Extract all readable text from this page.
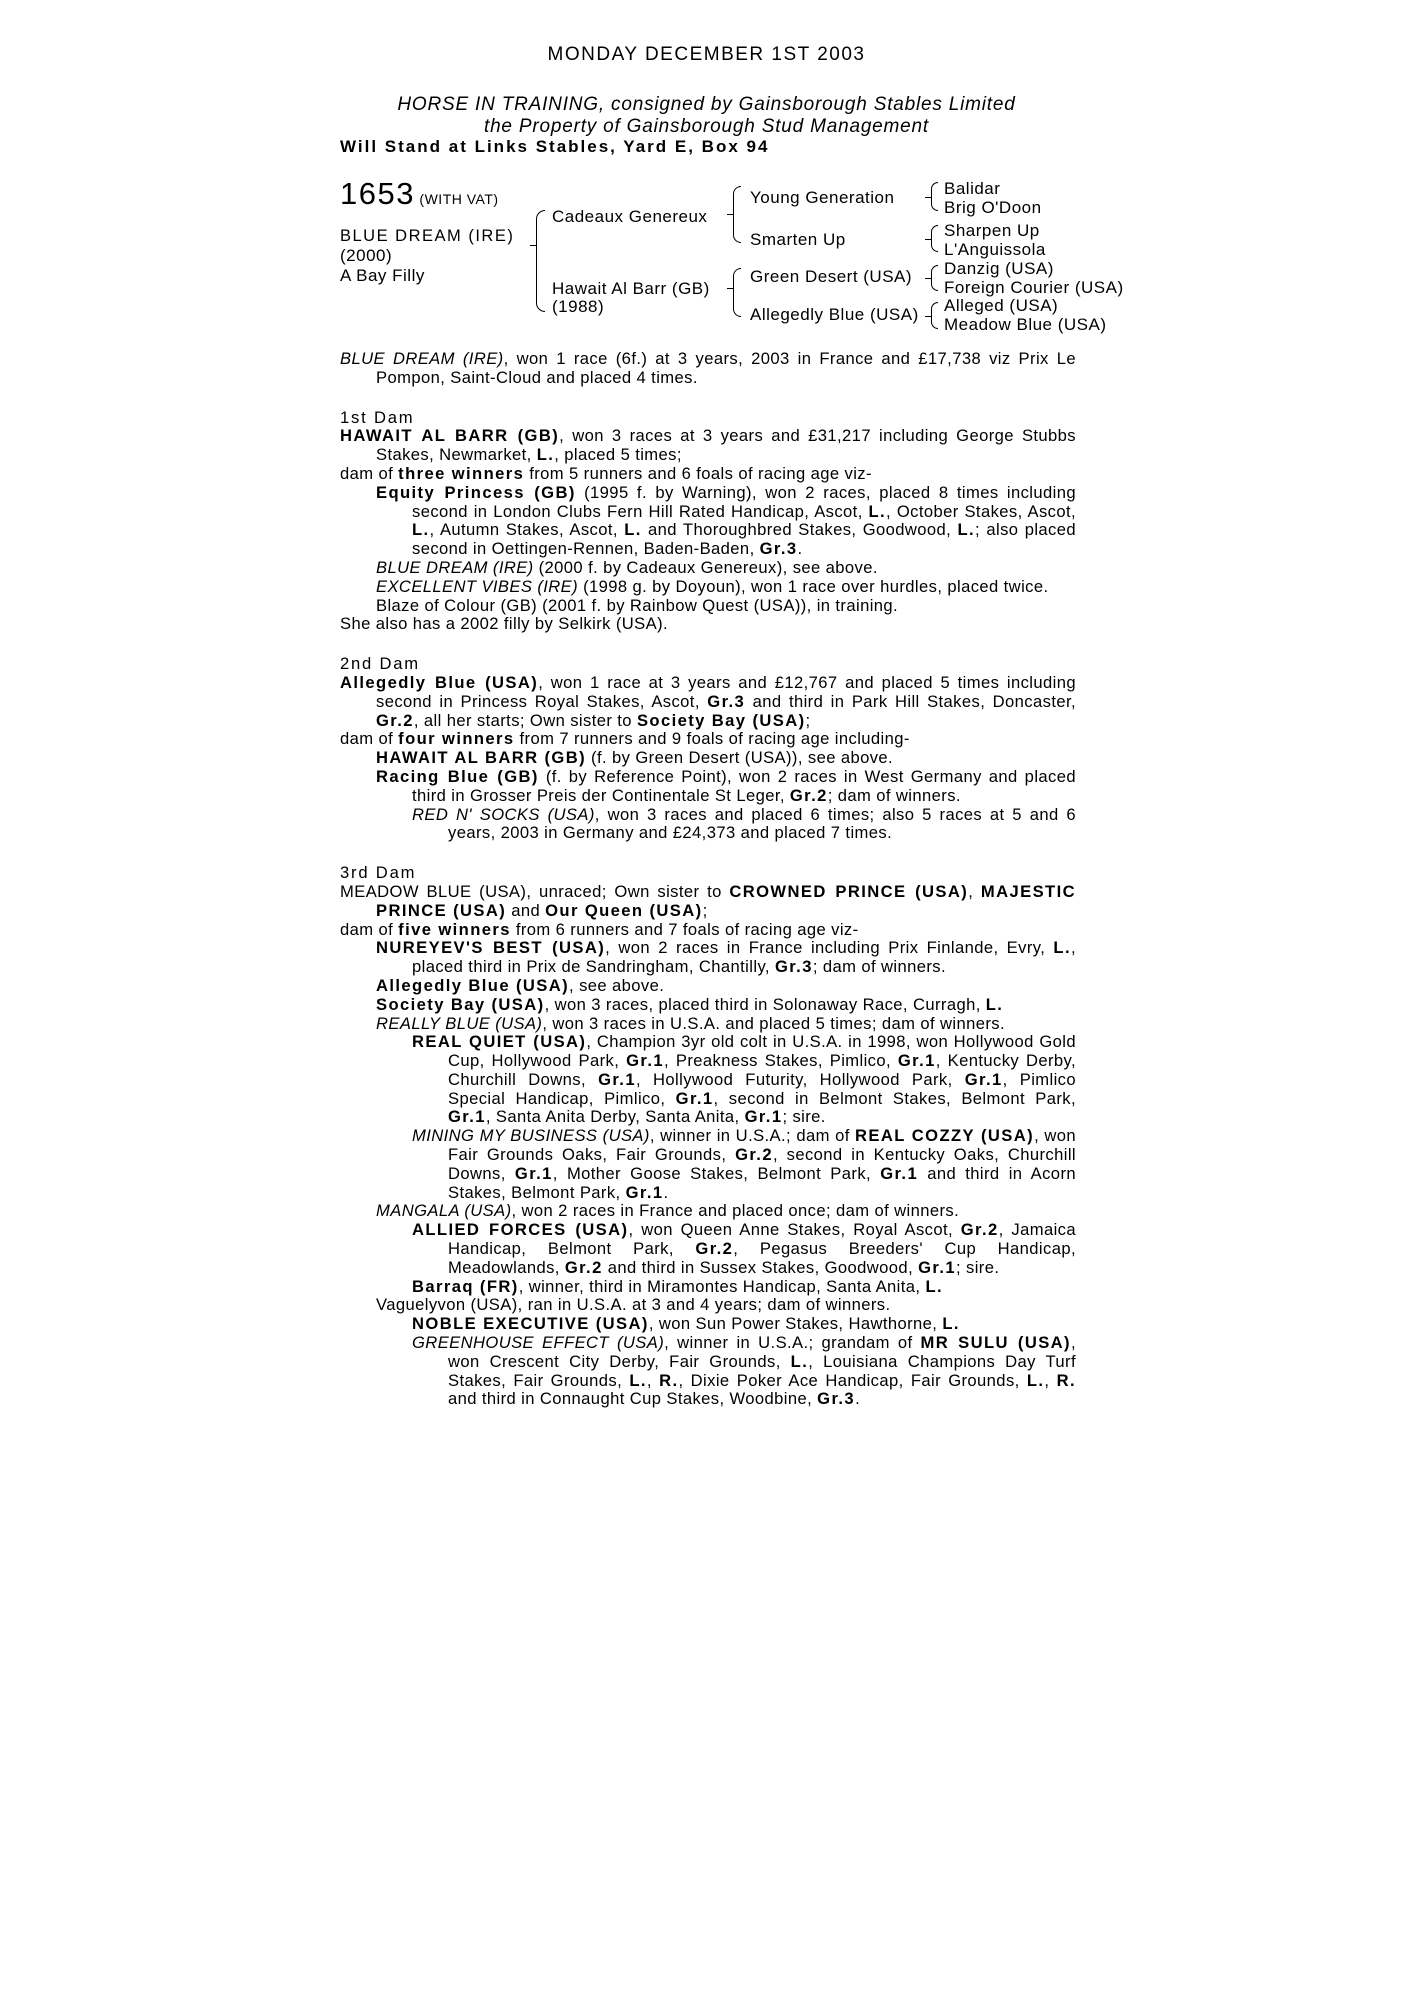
MONDAY DECEMBER 1ST 2003
HORSE IN TRAINING, consigned by Gainsborough Stables Limited
the Property of Gainsborough Stud Management
Will Stand at Links Stables, Yard E, Box 94
1653 (WITH VAT)
BLUE DREAM (IRE)
(2000)
A Bay Filly
Cadeaux Genereux
Hawait Al Barr (GB)
(1988)
Young Generation
Smarten Up
Green Desert (USA)
Allegedly Blue (USA)
Balidar
Brig O'Doon
Sharpen Up
L'Anguissola
Danzig (USA)
Foreign Courier (USA)
Alleged (USA)
Meadow Blue (USA)

BLUE DREAM (IRE), won 1 race (6f.) at 3 years, 2003 in France and £17,738 viz Prix Le Pompon, Saint-Cloud and placed 4 times.

1st Dam

HAWAIT AL BARR (GB), won 3 races at 3 years and £31,217 including George Stubbs Stakes, Newmarket, L., placed 5 times;

dam of three winners from 5 runners and 6 foals of racing age viz-

Equity Princess (GB) (1995 f. by Warning), won 2 races, placed 8 times including second in London Clubs Fern Hill Rated Handicap, Ascot, L., October Stakes, Ascot, L., Autumn Stakes, Ascot, L. and Thoroughbred Stakes, Goodwood, L.; also placed second in Oettingen-Rennen, Baden-Baden, Gr.3.

BLUE DREAM (IRE) (2000 f. by Cadeaux Genereux), see above.

EXCELLENT VIBES (IRE) (1998 g. by Doyoun), won 1 race over hurdles, placed twice.

Blaze of Colour (GB) (2001 f. by Rainbow Quest (USA)), in training.

She also has a 2002 filly by Selkirk (USA).

2nd Dam

Allegedly Blue (USA), won 1 race at 3 years and £12,767 and placed 5 times including second in Princess Royal Stakes, Ascot, Gr.3 and third in Park Hill Stakes, Doncaster, Gr.2, all her starts; Own sister to Society Bay (USA);

dam of four winners from 7 runners and 9 foals of racing age including-

HAWAIT AL BARR (GB) (f. by Green Desert (USA)), see above.

Racing Blue (GB) (f. by Reference Point), won 2 races in West Germany and placed third in Grosser Preis der Continentale St Leger, Gr.2; dam of winners.

RED N' SOCKS (USA), won 3 races and placed 6 times; also 5 races at 5 and 6 years, 2003 in Germany and £24,373 and placed 7 times.

3rd Dam

MEADOW BLUE (USA), unraced; Own sister to CROWNED PRINCE (USA), MAJESTIC PRINCE (USA) and Our Queen (USA);

dam of five winners from 6 runners and 7 foals of racing age viz-

NUREYEV'S BEST (USA), won 2 races in France including Prix Finlande, Evry, L., placed third in Prix de Sandringham, Chantilly, Gr.3; dam of winners.

Allegedly Blue (USA), see above.

Society Bay (USA), won 3 races, placed third in Solonaway Race, Curragh, L.

REALLY BLUE (USA), won 3 races in U.S.A. and placed 5 times; dam of winners.

REAL QUIET (USA), Champion 3yr old colt in U.S.A. in 1998, won Hollywood Gold Cup, Hollywood Park, Gr.1, Preakness Stakes, Pimlico, Gr.1, Kentucky Derby, Churchill Downs, Gr.1, Hollywood Futurity, Hollywood Park, Gr.1, Pimlico Special Handicap, Pimlico, Gr.1, second in Belmont Stakes, Belmont Park, Gr.1, Santa Anita Derby, Santa Anita, Gr.1; sire.

MINING MY BUSINESS (USA), winner in U.S.A.; dam of REAL COZZY (USA), won Fair Grounds Oaks, Fair Grounds, Gr.2, second in Kentucky Oaks, Churchill Downs, Gr.1, Mother Goose Stakes, Belmont Park, Gr.1 and third in Acorn Stakes, Belmont Park, Gr.1.

MANGALA (USA), won 2 races in France and placed once; dam of winners.

ALLIED FORCES (USA), won Queen Anne Stakes, Royal Ascot, Gr.2, Jamaica Handicap, Belmont Park, Gr.2, Pegasus Breeders' Cup Handicap, Meadowlands, Gr.2 and third in Sussex Stakes, Goodwood, Gr.1; sire.

Barraq (FR), winner, third in Miramontes Handicap, Santa Anita, L.

Vaguelyvon (USA), ran in U.S.A. at 3 and 4 years; dam of winners.

NOBLE EXECUTIVE (USA), won Sun Power Stakes, Hawthorne, L.

GREENHOUSE EFFECT (USA), winner in U.S.A.; grandam of MR SULU (USA), won Crescent City Derby, Fair Grounds, L., Louisiana Champions Day Turf Stakes, Fair Grounds, L., R., Dixie Poker Ace Handicap, Fair Grounds, L., R. and third in Connaught Cup Stakes, Woodbine, Gr.3.
